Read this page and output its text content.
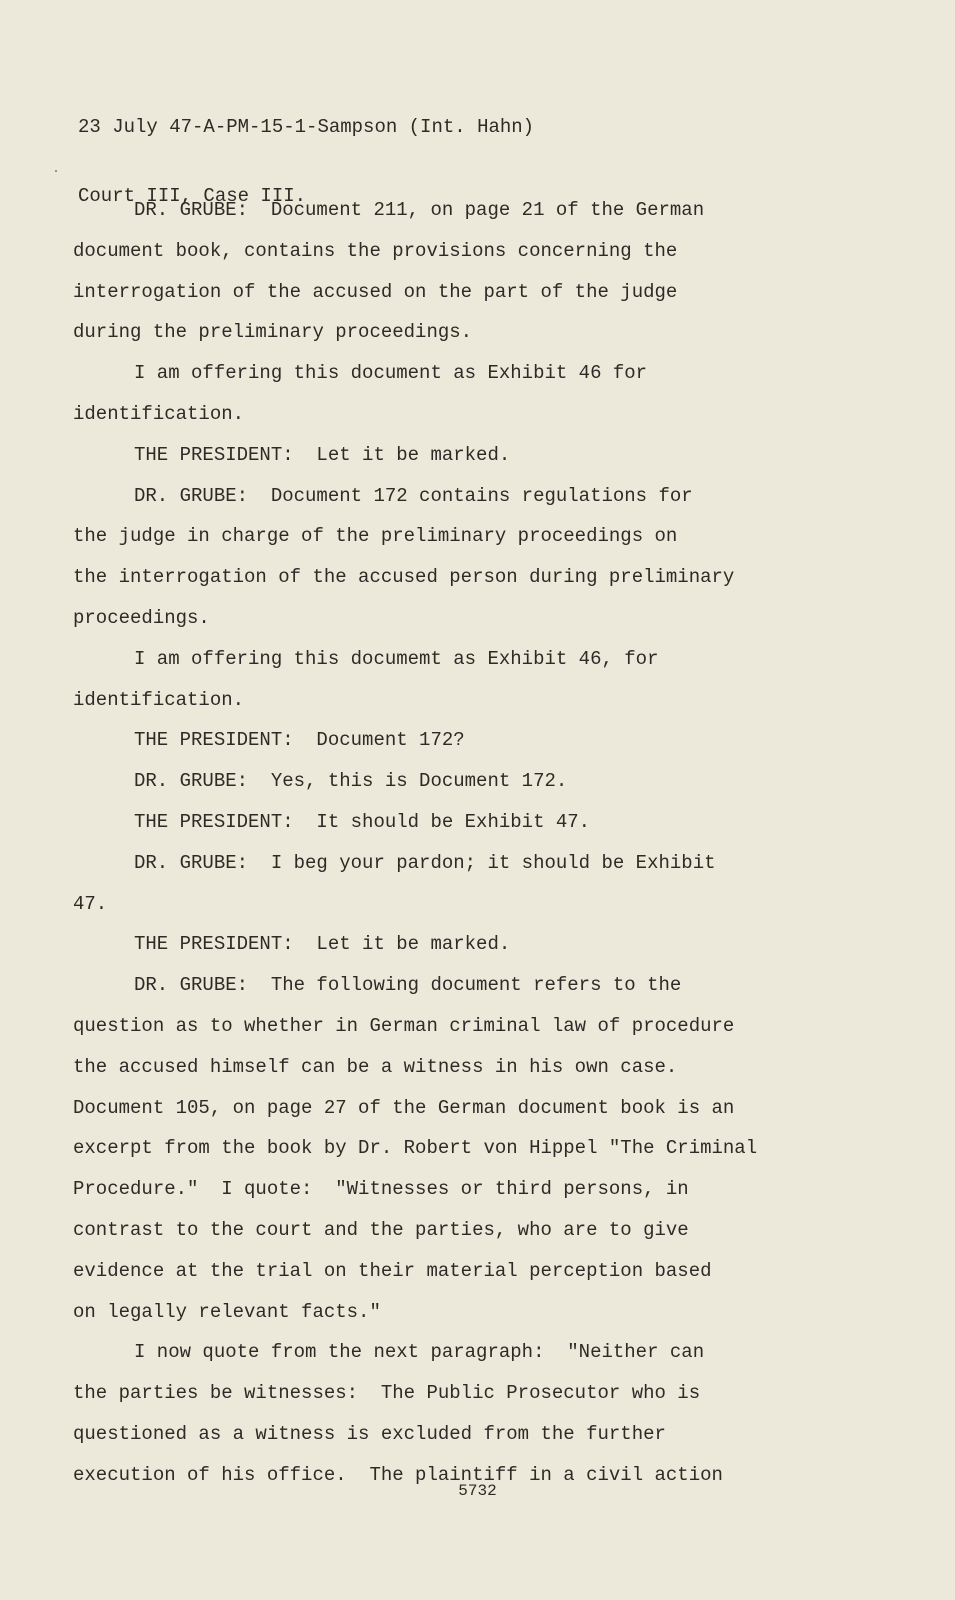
23 July 47-A-PM-15-1-Sampson (Int. Hahn)

Court III, Case III.

DR. GRUBE:  Document 211, on page 21 of the German
document book, contains the provisions concerning the
interrogation of the accused on the part of the judge
during the preliminary proceedings.
I am offering this document as Exhibit 46 for
identification.
THE PRESIDENT:  Let it be marked.
DR. GRUBE:  Document 172 contains regulations for
the judge in charge of the preliminary proceedings on
the interrogation of the accused person during preliminary
proceedings.
I am offering this documemt as Exhibit 46, for
identification.
THE PRESIDENT:  Document 172?
DR. GRUBE:  Yes, this is Document 172.
THE PRESIDENT:  It should be Exhibit 47.
DR. GRUBE:  I beg your pardon; it should be Exhibit
47.
THE PRESIDENT:  Let it be marked.
DR. GRUBE:  The following document refers to the
question as to whether in German criminal law of procedure
the accused himself can be a witness in his own case.
Document 105, on page 27 of the German document book is an
excerpt from the book by Dr. Robert von Hippel "The Criminal
Procedure."  I quote:  "Witnesses or third persons, in
contrast to the court and the parties, who are to give
evidence at the trial on their material perception based
on legally relevant facts."
I now quote from the next paragraph:  "Neither can
the parties be witnesses:  The Public Prosecutor who is
questioned as a witness is excluded from the further
execution of his office.  The plaintiff in a civil action
5732
